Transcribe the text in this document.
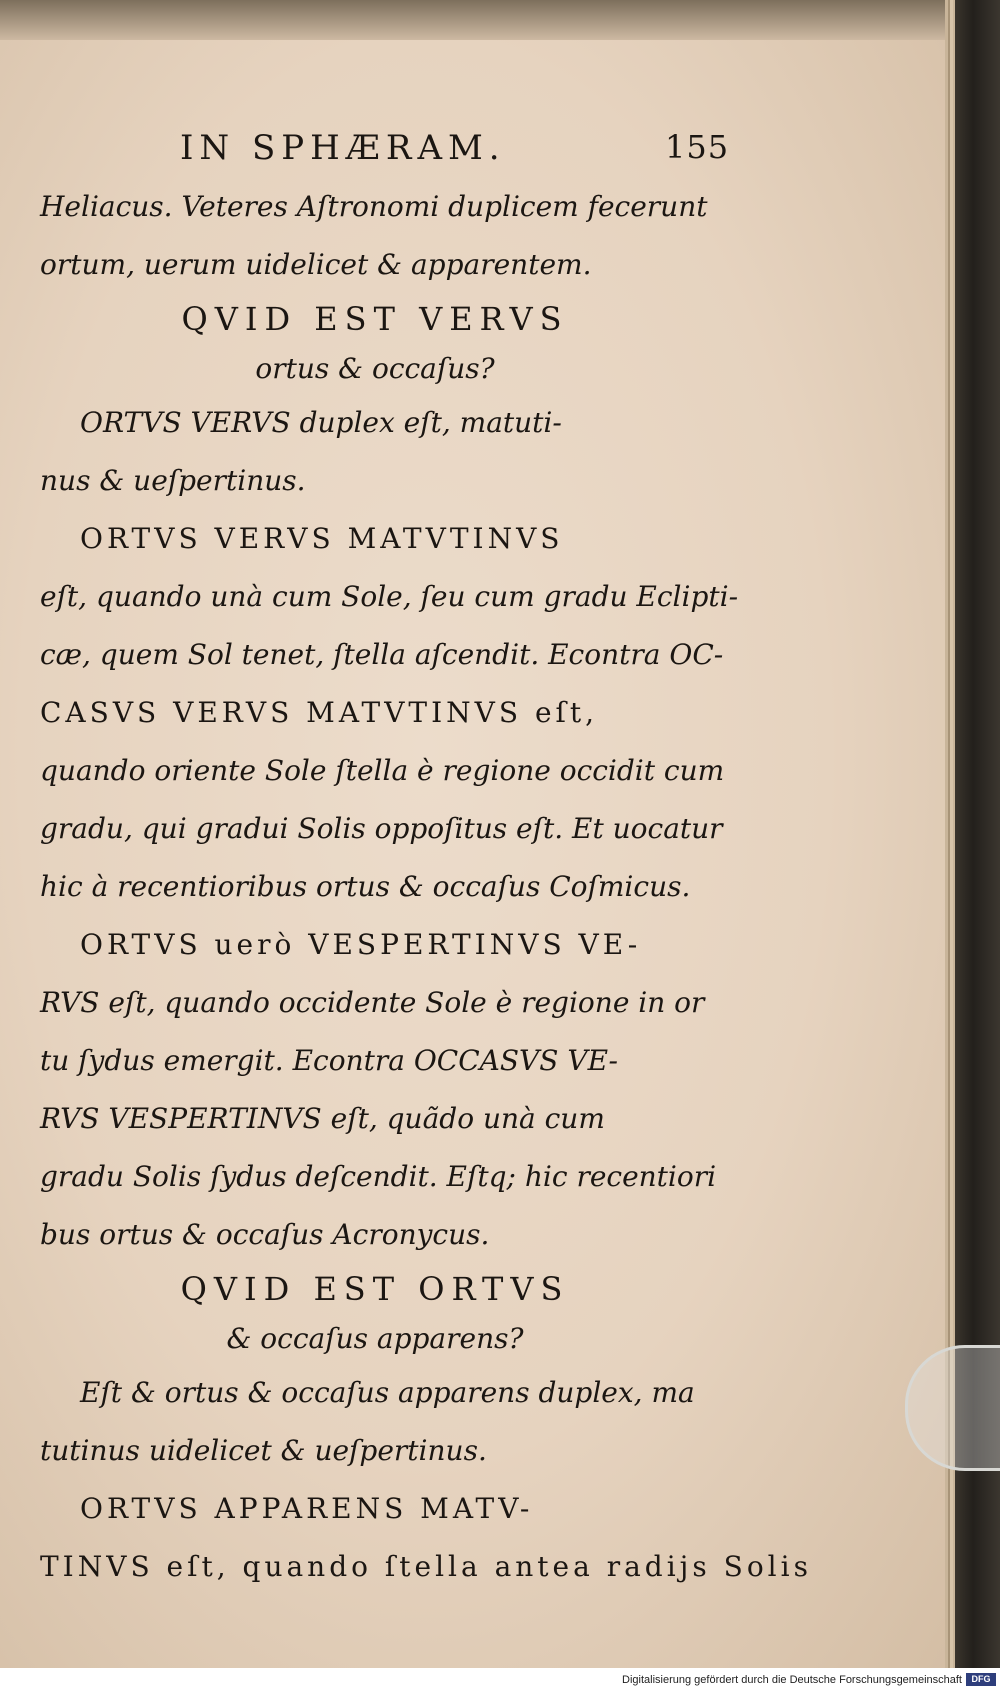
IN SPHÆRAM.	155
Heliacus. Veteres Aſtronomi duplicem fecerunt
ortum, uerum uidelicet & apparentem.
QVID EST VERVS
ortus & occaſus?
ORTVS VERVS duplex eſt, matuti-
nus & ueſpertinus.
ORTVS VERVS MATVTINVS
eſt, quando unà cum Sole, ſeu cum gradu Eclipti-
cæ, quem Sol tenet, ſtella aſcendit. Econtra OC-
CASVS VERVS MATVTINVS eſt,
quando oriente Sole ſtella è regione occidit cum
gradu, qui gradui Solis oppoſitus eſt. Et uocatur
hic à recentioribus ortus & occaſus Coſmicus.
ORTVS uerò VESPERTINVS VE-
RVS eſt, quando occidente Sole è regione in or
tu ſydus emergit. Econtra OCCASVS VE-
RVS VESPERTINVS eſt, quãdo unà cum
gradu Solis ſydus deſcendit. Eſtq; hic recentiori
bus ortus & occaſus Acronycus.
QVID EST ORTVS
& occaſus apparens?
Eſt & ortus & occaſus apparens duplex, ma
tutinus uidelicet & ueſpertinus.
ORTVS APPARENS MATV-
TINVS eſt, quando ſtella antea radijs Solis
Digitalisierung gefördert durch die Deutsche Forschungsgemeinschaft	DFG
